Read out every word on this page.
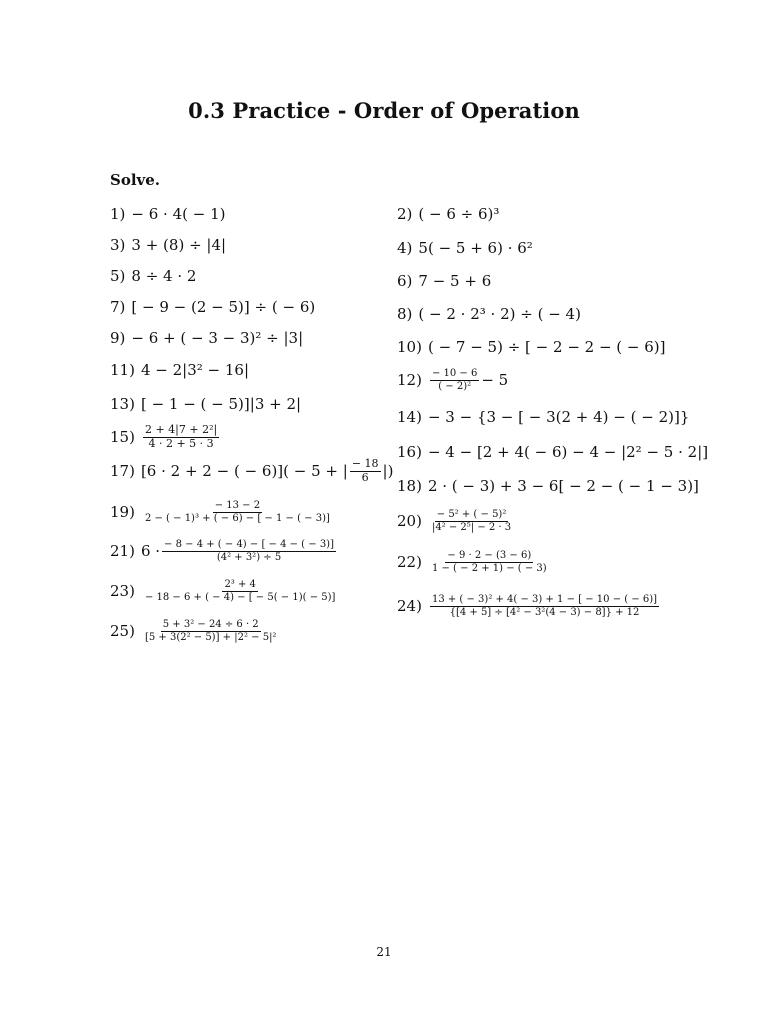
0.3 Practice - Order of Operation
Solve.
1) − 6 · 4( − 1)
3) 3 + (8) ÷ |4|
5) 8 ÷ 4 · 2
7) [ − 9 − (2 − 5)] ÷ ( − 6)
9) − 6 + ( − 3 − 3)² ÷ |3|
11) 4 − 2|3² − 16|
13) [ − 1 − ( − 5)]|3 + 2|
$15) \frac{\text{2 + 4|7 + 2²|}}{4 \cdot 2 + 5 \cdot 3}$
17) [6 · 2 + 2 − ( − 6)]( − 5 + | $\frac{- 18}{6}$ |)
$19) \frac{- 13 - 2}{\text{2 − ( − 1)³ + ( − 6) − [ − 1 − ( − 3)]}}$
21) $6 \cdot \frac{- 8 - 4 + ( - 4) - [ - 4 - ( - 3)]}{\text{(4² + 3²) ÷ 5}}$
$23) \frac{\text{2³ + 4}}{- 18 - 6 + ( - 4) - [ - 5( - 1)( - 5)]}$
$25) \frac{\text{5 + 3² − 24 ÷ 6 · 2}}{\text{[5 + 3(2² − 5)] + |2² − 5|²}}$
2) ( − 6 ÷ 6)³
4) 5( − 5 + 6) · 6²
6) 7 − 5 + 6
8) ( − 2 · 2³ · 2) ÷ ( − 4)
10) ( − 7 − 5) ÷ [ − 2 − 2 − ( − 6)]
$12) \frac{- 10 - 6}{\text{( − 2)²}} - 5$
14) − 3 − {3 − [ − 3(2 + 4) − ( − 2)]}
16) − 4 − [2 + 4( − 6) − 4 − |2² − 5 · 2|]
18) 2 · ( − 3) + 3 − 6[ − 2 − ( − 1 − 3)]
$20) \frac{\text{− 5² + ( − 5)²}}{\text{|4² − 2⁵| − 2 · 3}}$
$22) \frac{- 9 \cdot 2 - (3 - 6)}{1 - ( - 2 + 1) - ( - 3)}$
$24) \frac{\text{13 + ( − 3)² + 4( − 3) + 1 − [ − 10 − ( − 6)]}}{\text{\{[4 + 5] ÷ [4² − 3²(4 − 3) − 8]\} + 12}}$
21
